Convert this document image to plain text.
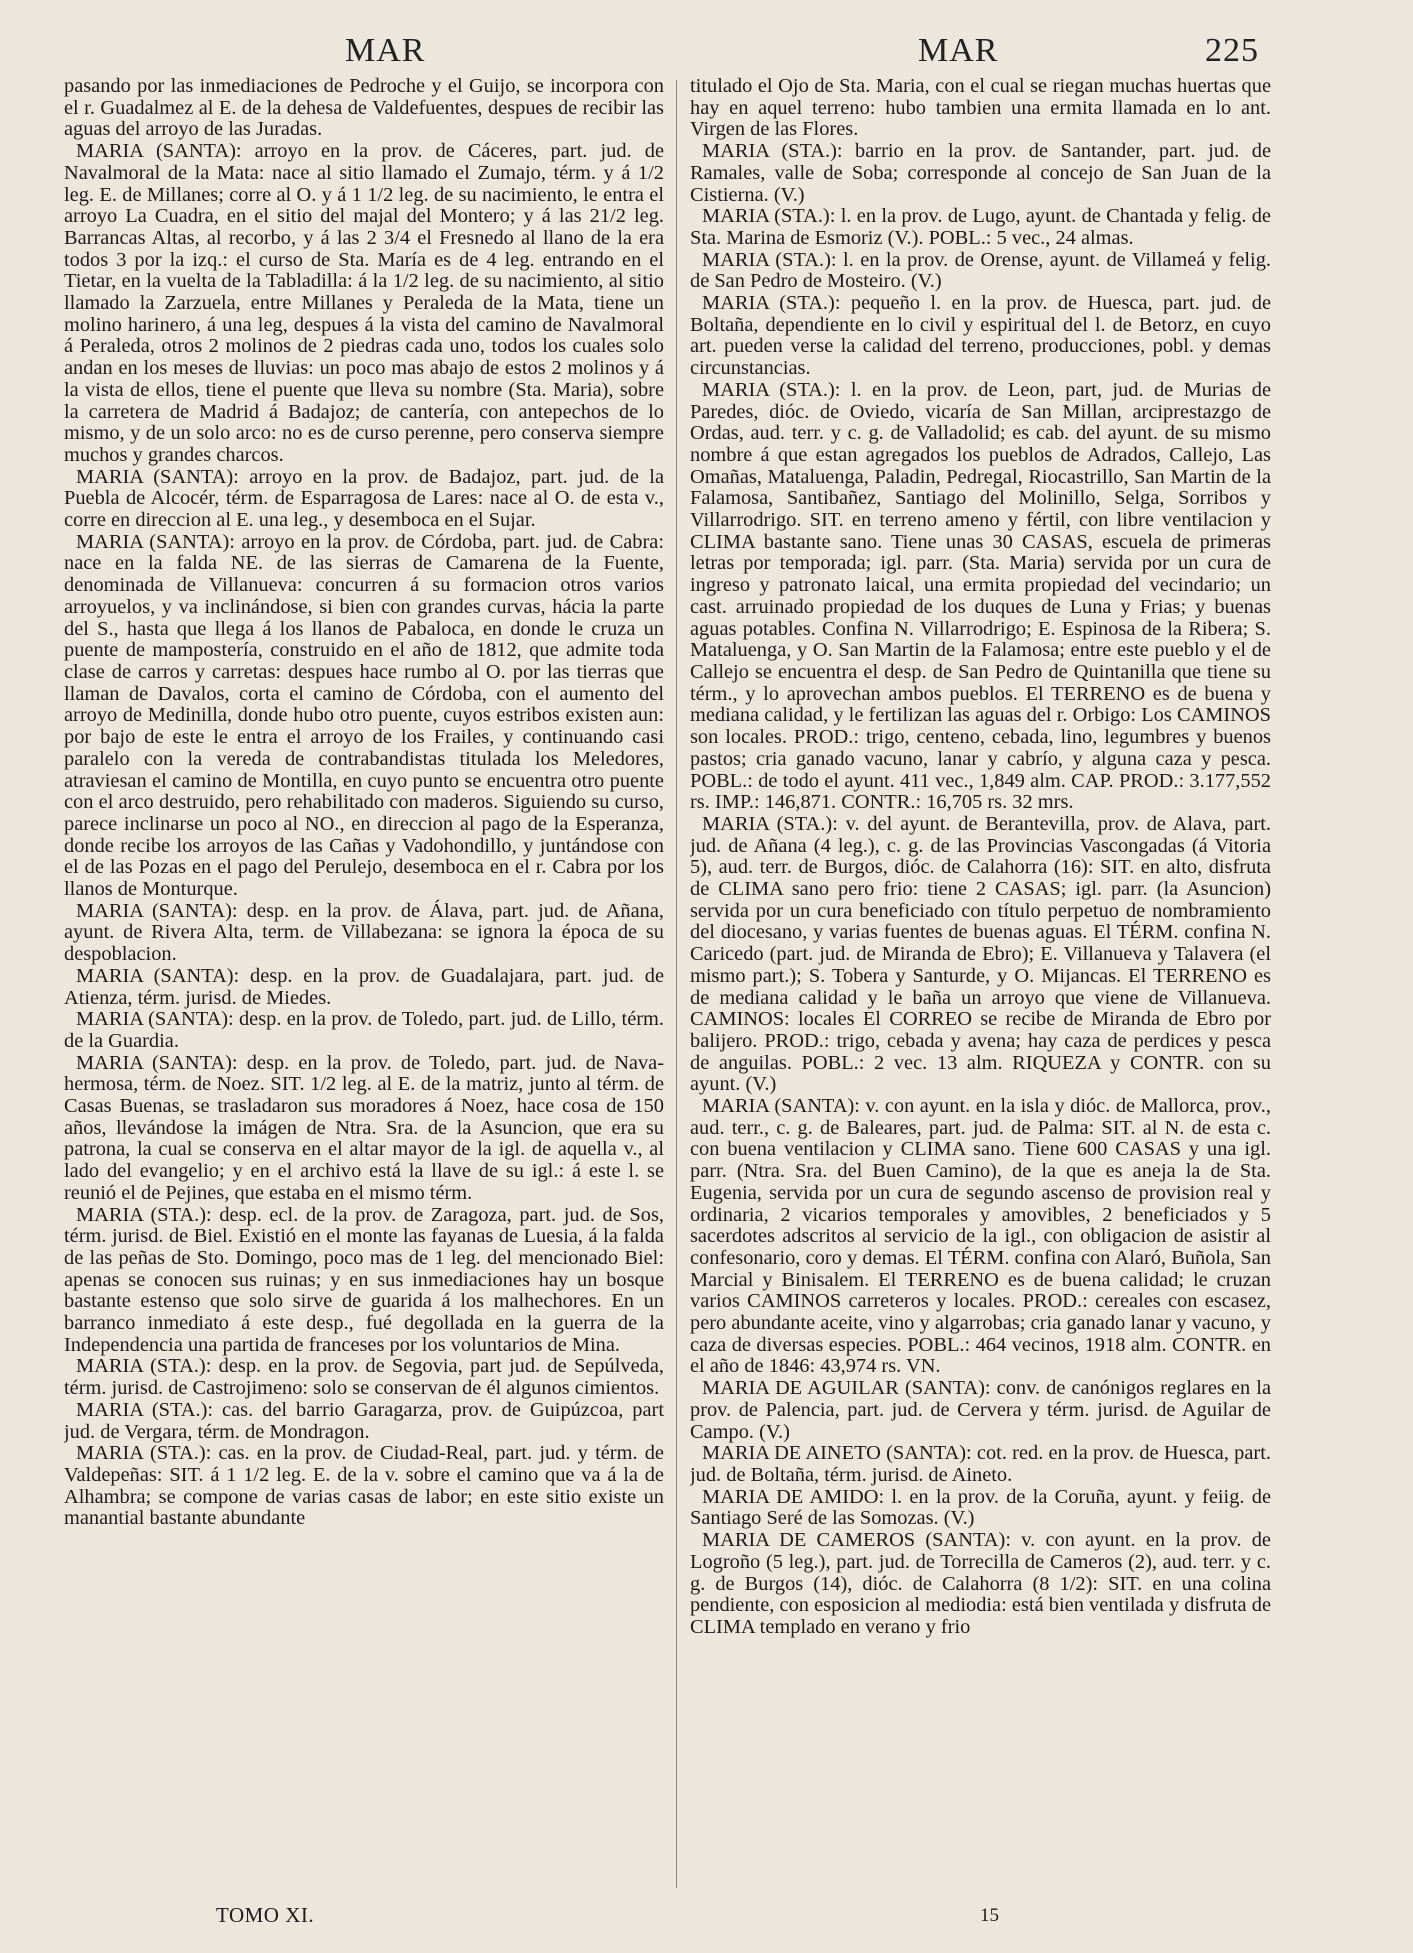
MAR	MAR	225

pasando por las inmediaciones de Pedroche y el Guijo, se incorpora con el r. Guadalmez al E. de la dehesa de Valdefuentes, despues de recibir las aguas del arroyo de las Juradas.

MARIA (SANTA): arroyo en la prov. de Cáceres, part. jud. de Navalmoral de la Mata: nace al sitio llamado el Zumajo, térm. y á 1/2 leg. E. de Millanes; corre al O. y á 1 1/2 leg. de su nacimiento, le entra el arroyo La Cuadra, en el sitio del majal del Montero; y á las 21/2 leg. Barrancas Altas, al recorbo, y á las 2 3/4 el Fresnedo al llano de la era todos 3 por la izq.: el curso de Sta. María es de 4 leg. entrando en el Tietar, en la vuelta de la Tabladilla: á la 1/2 leg. de su nacimiento, al sitio llamado la Zarzuela, entre Millanes y Peraleda de la Mata, tiene un molino harinero, á una leg, despues á la vista del camino de Navalmoral á Peraleda, otros 2 molinos de 2 piedras cada uno, todos los cuales solo andan en los meses de lluvias: un poco mas abajo de estos 2 molinos y á la vista de ellos, tiene el puente que lleva su nombre (Sta. Maria), sobre la carretera de Madrid á Badajoz; de cantería, con antepechos de lo mismo, y de un solo arco: no es de curso perenne, pero conserva siempre muchos y grandes charcos.

MARIA (SANTA): arroyo en la prov. de Badajoz, part. jud. de la Puebla de Alcocér, térm. de Esparragosa de Lares: nace al O. de esta v., corre en direccion al E. una leg., y desemboca en el Sujar.

MARIA (SANTA): arroyo en la prov. de Córdoba, part. jud. de Cabra: nace en la falda NE. de las sierras de Camarena de la Fuente, denominada de Villanueva: concurren á su formacion otros varios arroyuelos, y va inclinándose, si bien con grandes curvas, hácia la parte del S., hasta que llega á los llanos de Pabaloca, en donde le cruza un puente de mampostería, construido en el año de 1812, que admite toda clase de carros y carretas: despues hace rumbo al O. por las tierras que llaman de Davalos, corta el camino de Córdoba, con el aumento del arroyo de Medinilla, donde hubo otro puente, cuyos estribos existen aun: por bajo de este le entra el arroyo de los Frailes, y continuando casi paralelo con la vereda de contrabandistas titulada los Meledores, atraviesan el camino de Montilla, en cuyo punto se encuentra otro puente con el arco destruido, pero rehabilitado con maderos. Siguiendo su curso, parece inclinarse un poco al NO., en direccion al pago de la Esperanza, donde recibe los arroyos de las Cañas y Vadohondillo, y juntándose con el de las Pozas en el pago del Perulejo, desemboca en el r. Cabra por los llanos de Monturque.

MARIA (SANTA): desp. en la prov. de Álava, part. jud. de Añana, ayunt. de Rivera Alta, term. de Villabezana: se ignora la época de su despoblacion.

MARIA (SANTA): desp. en la prov. de Guadalajara, part. jud. de Atienza, térm. jurisd. de Miedes.

MARIA (SANTA): desp. en la prov. de Toledo, part. jud. de Lillo, térm. de la Guardia.

MARIA (SANTA): desp. en la prov. de Toledo, part. jud. de Nava-hermosa, térm. de Noez. SIT. 1/2 leg. al E. de la matriz, junto al térm. de Casas Buenas, se trasladaron sus moradores á Noez, hace cosa de 150 años, llevándose la imágen de Ntra. Sra. de la Asuncion, que era su patrona, la cual se conserva en el altar mayor de la igl. de aquella v., al lado del evangelio; y en el archivo está la llave de su igl.: á este l. se reunió el de Pejines, que estaba en el mismo térm.

MARIA (STA.): desp. ecl. de la prov. de Zaragoza, part. jud. de Sos, térm. jurisd. de Biel. Existió en el monte las fayanas de Luesia, á la falda de las peñas de Sto. Domingo, poco mas de 1 leg. del mencionado Biel: apenas se conocen sus ruinas; y en sus inmediaciones hay un bosque bastante estenso que solo sirve de guarida á los malhechores. En un barranco inmediato á este desp., fué degollada en la guerra de la Independencia una partida de franceses por los voluntarios de Mina.

MARIA (STA.): desp. en la prov. de Segovia, part jud. de Sepúlveda, térm. jurisd. de Castrojimeno: solo se conservan de él algunos cimientos.

MARIA (STA.): cas. del barrio Garagarza, prov. de Guipúzcoa, part jud. de Vergara, térm. de Mondragon.

MARIA (STA.): cas. en la prov. de Ciudad-Real, part. jud. y térm. de Valdepeñas: SIT. á 1 1/2 leg. E. de la v. sobre el camino que va á la de Alhambra; se compone de varias casas de labor; en este sitio existe un manantial bastante abundante

titulado el Ojo de Sta. Maria, con el cual se riegan muchas huertas que hay en aquel terreno: hubo tambien una ermita llamada en lo ant. Virgen de las Flores.

MARIA (STA.): barrio en la prov. de Santander, part. jud. de Ramales, valle de Soba; corresponde al concejo de San Juan de la Cistierna. (V.)

MARIA (STA.): l. en la prov. de Lugo, ayunt. de Chantada y felig. de Sta. Marina de Esmoriz (V.). POBL.: 5 vec., 24 almas.

MARIA (STA.): l. en la prov. de Orense, ayunt. de Villameá y felig. de San Pedro de Mosteiro. (V.)

MARIA (STA.): pequeño l. en la prov. de Huesca, part. jud. de Boltaña, dependiente en lo civil y espiritual del l. de Betorz, en cuyo art. pueden verse la calidad del terreno, producciones, pobl. y demas circunstancias.

MARIA (STA.): l. en la prov. de Leon, part, jud. de Murias de Paredes, dióc. de Oviedo, vicaría de San Millan, arciprestazgo de Ordas, aud. terr. y c. g. de Valladolid; es cab. del ayunt. de su mismo nombre á que estan agregados los pueblos de Adrados, Callejo, Las Omañas, Mataluenga, Paladin, Pedregal, Riocastrillo, San Martin de la Falamosa, Santibañez, Santiago del Molinillo, Selga, Sorribos y Villarrodrigo. SIT. en terreno ameno y fértil, con libre ventilacion y CLIMA bastante sano. Tiene unas 30 CASAS, escuela de primeras letras por temporada; igl. parr. (Sta. Maria) servida por un cura de ingreso y patronato laical, una ermita propiedad del vecindario; un cast. arruinado propiedad de los duques de Luna y Frias; y buenas aguas potables. Confina N. Villarrodrigo; E. Espinosa de la Ribera; S. Mataluenga, y O. San Martin de la Falamosa; entre este pueblo y el de Callejo se encuentra el desp. de San Pedro de Quintanilla que tiene su térm., y lo aprovechan ambos pueblos. El TERRENO es de buena y mediana calidad, y le fertilizan las aguas del r. Orbigo: Los CAMINOS son locales. PROD.: trigo, centeno, cebada, lino, legumbres y buenos pastos; cria ganado vacuno, lanar y cabrío, y alguna caza y pesca. POBL.: de todo el ayunt. 411 vec., 1,849 alm. CAP. PROD.: 3.177,552 rs. IMP.: 146,871. CONTR.: 16,705 rs. 32 mrs.

MARIA (STA.): v. del ayunt. de Berantevilla, prov. de Alava, part. jud. de Añana (4 leg.), c. g. de las Provincias Vascongadas (á Vitoria 5), aud. terr. de Burgos, dióc. de Calahorra (16): SIT. en alto, disfruta de CLIMA sano pero frio: tiene 2 CASAS; igl. parr. (la Asuncion) servida por un cura beneficiado con título perpetuo de nombramiento del diocesano, y varias fuentes de buenas aguas. El TÉRM. confina N. Caricedo (part. jud. de Miranda de Ebro); E. Villanueva y Talavera (el mismo part.); S. Tobera y Santurde, y O. Mijancas. El TERRENO es de mediana calidad y le baña un arroyo que viene de Villanueva. CAMINOS: locales El CORREO se recibe de Miranda de Ebro por balijero. PROD.: trigo, cebada y avena; hay caza de perdices y pesca de anguilas. POBL.: 2 vec. 13 alm. RIQUEZA y CONTR. con su ayunt. (V.)

MARIA (SANTA): v. con ayunt. en la isla y dióc. de Mallorca, prov., aud. terr., c. g. de Baleares, part. jud. de Palma: SIT. al N. de esta c. con buena ventilacion y CLIMA sano. Tiene 600 CASAS y una igl. parr. (Ntra. Sra. del Buen Camino), de la que es aneja la de Sta. Eugenia, servida por un cura de segundo ascenso de provision real y ordinaria, 2 vicarios temporales y amovibles, 2 beneficiados y 5 sacerdotes adscritos al servicio de la igl., con obligacion de asistir al confesonario, coro y demas. El TÉRM. confina con Alaró, Buñola, San Marcial y Binisalem. El TERRENO es de buena calidad; le cruzan varios CAMINOS carreteros y locales. PROD.: cereales con escasez, pero abundante aceite, vino y algarrobas; cria ganado lanar y vacuno, y caza de diversas especies. POBL.: 464 vecinos, 1918 alm. CONTR. en el año de 1846: 43,974 rs. VN.

MARIA DE AGUILAR (SANTA): conv. de canónigos reglares en la prov. de Palencia, part. jud. de Cervera y térm. jurisd. de Aguilar de Campo. (V.)

MARIA DE AINETO (SANTA): cot. red. en la prov. de Huesca, part. jud. de Boltaña, térm. jurisd. de Aineto.

MARIA DE AMIDO: l. en la prov. de la Coruña, ayunt. y feiig. de Santiago Seré de las Somozas. (V.)

MARIA DE CAMEROS (SANTA): v. con ayunt. en la prov. de Logroño (5 leg.), part. jud. de Torrecilla de Cameros (2), aud. terr. y c. g. de Burgos (14), dióc. de Calahorra (8 1/2): SIT. en una colina pendiente, con esposicion al mediodia: está bien ventilada y disfruta de CLIMA templado en verano y frio

TOMO XI.	15
